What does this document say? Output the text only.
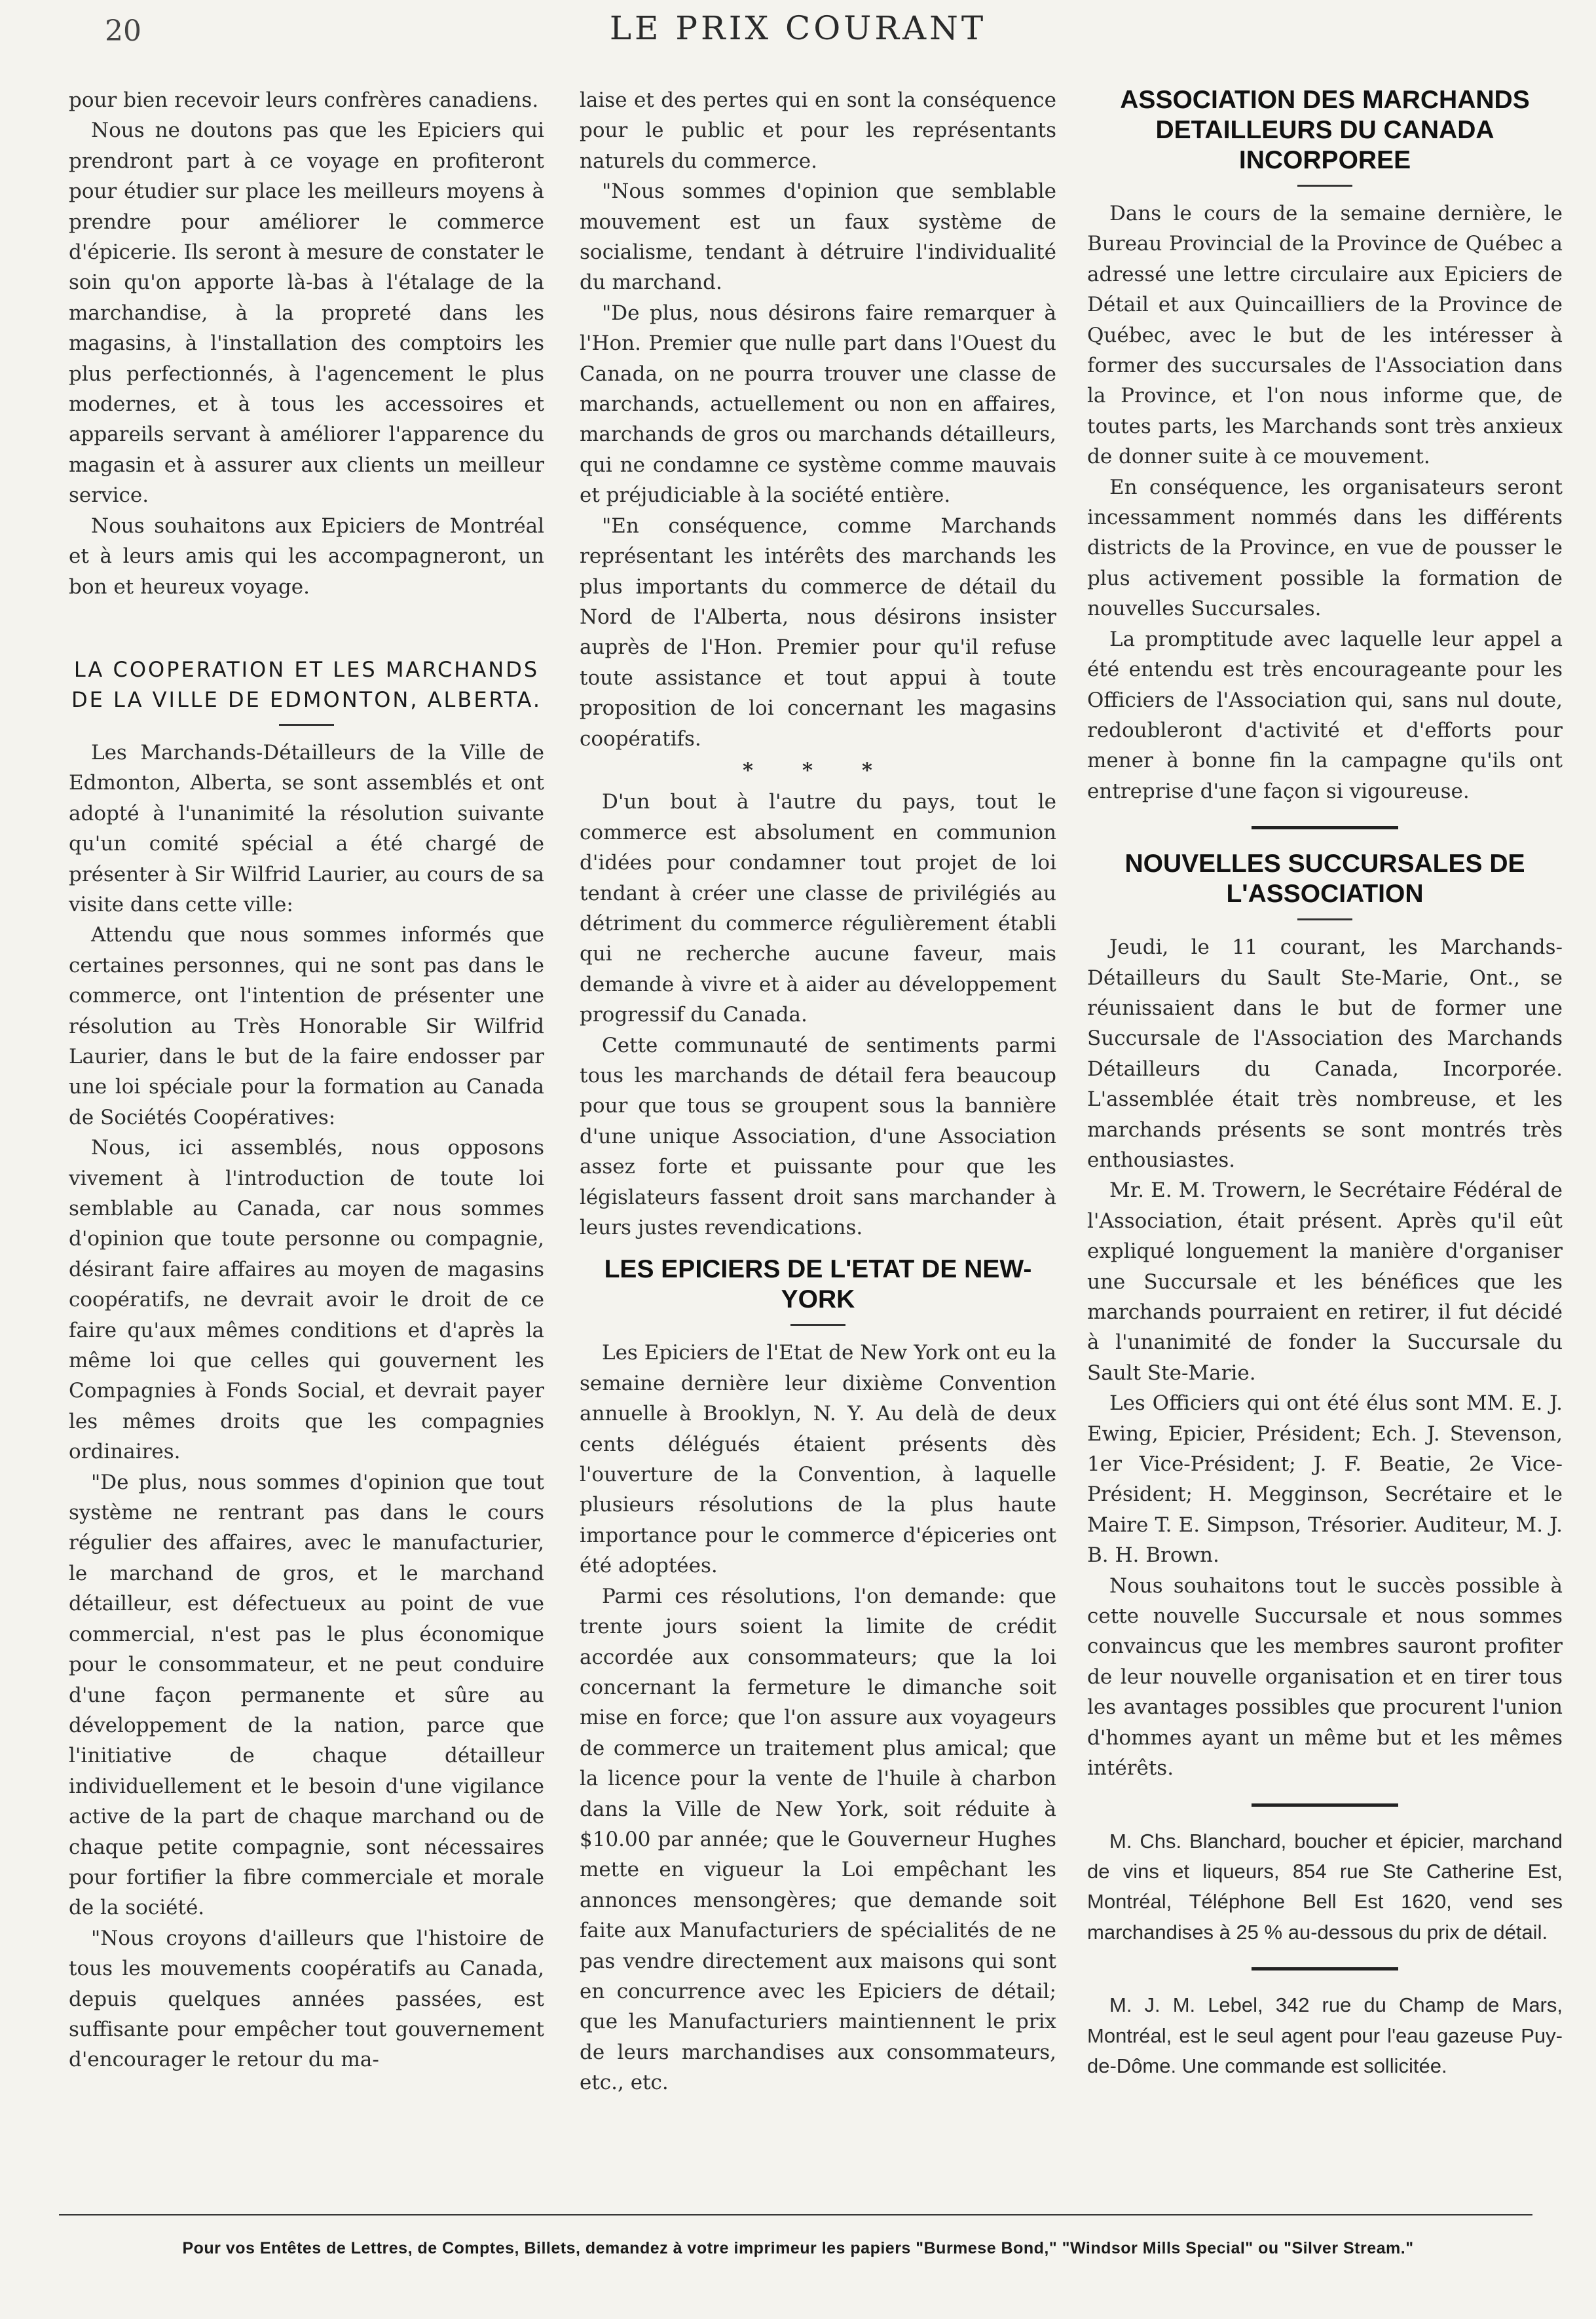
20	LE PRIX COURANT

pour bien recevoir leurs confrères canadiens.

Nous ne doutons pas que les Epiciers qui prendront part à ce voyage en profiteront pour étudier sur place les meilleurs moyens à prendre pour améliorer le commerce d'épicerie. Ils seront à mesure de constater le soin qu'on apporte là-bas à l'étalage de la marchandise, à la propreté dans les magasins, à l'installation des comptoirs les plus perfectionnés, à l'agencement le plus modernes, et à tous les accessoires et appareils servant à améliorer l'apparence du magasin et à assurer aux clients un meilleur service.

Nous souhaitons aux Epiciers de Montréal et à leurs amis qui les accompagneront, un bon et heureux voyage.

LA COOPERATION ET LES MARCHANDS DE LA VILLE DE EDMONTON, ALBERTA.

Les Marchands-Détailleurs de la Ville de Edmonton, Alberta, se sont assemblés et ont adopté à l'unanimité la résolution suivante qu'un comité spécial a été chargé de présenter à Sir Wilfrid Laurier, au cours de sa visite dans cette ville:

Attendu que nous sommes informés que certaines personnes, qui ne sont pas dans le commerce, ont l'intention de présenter une résolution au Très Honorable Sir Wilfrid Laurier, dans le but de la faire endosser par une loi spéciale pour la formation au Canada de Sociétés Coopératives:

Nous, ici assemblés, nous opposons vivement à l'introduction de toute loi semblable au Canada, car nous sommes d'opinion que toute personne ou compagnie, désirant faire affaires au moyen de magasins coopératifs, ne devrait avoir le droit de ce faire qu'aux mêmes conditions et d'après la même loi que celles qui gouvernent les Compagnies à Fonds Social, et devrait payer les mêmes droits que les compagnies ordinaires.

"De plus, nous sommes d'opinion que tout système ne rentrant pas dans le cours régulier des affaires, avec le manufacturier, le marchand de gros, et le marchand détailleur, est défectueux au point de vue commercial, n'est pas le plus économique pour le consommateur, et ne peut conduire d'une façon permanente et sûre au développement de la nation, parce que l'initiative de chaque détailleur individuellement et le besoin d'une vigilance active de la part de chaque marchand ou de chaque petite compagnie, sont nécessaires pour fortifier la fibre commerciale et morale de la société.

"Nous croyons d'ailleurs que l'histoire de tous les mouvements coopératifs au Canada, depuis quelques années passées, est suffisante pour empêcher tout gouvernement d'encourager le retour du ma-

laise et des pertes qui en sont la conséquence pour le public et pour les représentants naturels du commerce.

"Nous sommes d'opinion que semblable mouvement est un faux système de socialisme, tendant à détruire l'individualité du marchand.

"De plus, nous désirons faire remarquer à l'Hon. Premier que nulle part dans l'Ouest du Canada, on ne pourra trouver une classe de marchands, actuellement ou non en affaires, marchands de gros ou marchands détailleurs, qui ne condamne ce système comme mauvais et préjudiciable à la société entière.

"En conséquence, comme Marchands représentant les intérêts des marchands les plus importants du commerce de détail du Nord de l'Alberta, nous désirons insister auprès de l'Hon. Premier pour qu'il refuse toute assistance et tout appui à toute proposition de loi concernant les magasins coopératifs.

* * *

D'un bout à l'autre du pays, tout le commerce est absolument en communion d'idées pour condamner tout projet de loi tendant à créer une classe de privilégiés au détriment du commerce régulièrement établi qui ne recherche aucune faveur, mais demande à vivre et à aider au développement progressif du Canada.

Cette communauté de sentiments parmi tous les marchands de détail fera beaucoup pour que tous se groupent sous la bannière d'une unique Association, d'une Association assez forte et puissante pour que les législateurs fassent droit sans marchander à leurs justes revendications.

LES EPICIERS DE L'ETAT DE NEW-YORK

Les Epiciers de l'Etat de New York ont eu la semaine dernière leur dixième Convention annuelle à Brooklyn, N. Y. Au delà de deux cents délégués étaient présents dès l'ouverture de la Convention, à laquelle plusieurs résolutions de la plus haute importance pour le commerce d'épiceries ont été adoptées.

Parmi ces résolutions, l'on demande: que trente jours soient la limite de crédit accordée aux consommateurs; que la loi concernant la fermeture le dimanche soit mise en force; que l'on assure aux voyageurs de commerce un traitement plus amical; que la licence pour la vente de l'huile à charbon dans la Ville de New York, soit réduite à $10.00 par année; que le Gouverneur Hughes mette en vigueur la Loi empêchant les annonces mensongères; que demande soit faite aux Manufacturiers de spécialités de ne pas vendre directement aux maisons qui sont en concurrence avec les Epiciers de détail; que les Manufacturiers maintiennent le prix de leurs marchandises aux consommateurs, etc., etc.

ASSOCIATION DES MARCHANDS DETAILLEURS DU CANADA INCORPOREE

Dans le cours de la semaine dernière, le Bureau Provincial de la Province de Québec a adressé une lettre circulaire aux Epiciers de Détail et aux Quincailliers de la Province de Québec, avec le but de les intéresser à former des succursales de l'Association dans la Province, et l'on nous informe que, de toutes parts, les Marchands sont très anxieux de donner suite à ce mouvement.

En conséquence, les organisateurs seront incessamment nommés dans les différents districts de la Province, en vue de pousser le plus activement possible la formation de nouvelles Succursales.

La promptitude avec laquelle leur appel a été entendu est très encourageante pour les Officiers de l'Association qui, sans nul doute, redoubleront d'activité et d'efforts pour mener à bonne fin la campagne qu'ils ont entreprise d'une façon si vigoureuse.

NOUVELLES SUCCURSALES DE L'ASSOCIATION

Jeudi, le 11 courant, les Marchands-Détailleurs du Sault Ste-Marie, Ont., se réunissaient dans le but de former une Succursale de l'Association des Marchands Détailleurs du Canada, Incorporée. L'assemblée était très nombreuse, et les marchands présents se sont montrés très enthousiastes.

Mr. E. M. Trowern, le Secrétaire Fédéral de l'Association, était présent. Après qu'il eût expliqué longuement la manière d'organiser une Succursale et les bénéfices que les marchands pourraient en retirer, il fut décidé à l'unanimité de fonder la Succursale du Sault Ste-Marie.

Les Officiers qui ont été élus sont MM. E. J. Ewing, Epicier, Président; Ech. J. Stevenson, 1er Vice-Président; J. F. Beatie, 2e Vice-Président; H. Megginson, Secrétaire et le Maire T. E. Simpson, Trésorier. Auditeur, M. J. B. H. Brown.

Nous souhaitons tout le succès possible à cette nouvelle Succursale et nous sommes convaincus que les membres sauront profiter de leur nouvelle organisation et en tirer tous les avantages possibles que procurent l'union d'hommes ayant un même but et les mêmes intérêts.

M. Chs. Blanchard, boucher et épicier, marchand de vins et liqueurs, 854 rue Ste Catherine Est, Montréal, Téléphone Bell Est 1620, vend ses marchandises à 25 % au-dessous du prix de détail.

M. J. M. Lebel, 342 rue du Champ de Mars, Montréal, est le seul agent pour l'eau gazeuse Puy-de-Dôme. Une commande est sollicitée.

Pour vos Entêtes de Lettres, de Comptes, Billets, demandez à votre imprimeur les papiers "Burmese Bond," "Windsor Mills Special" ou "Silver Stream."
